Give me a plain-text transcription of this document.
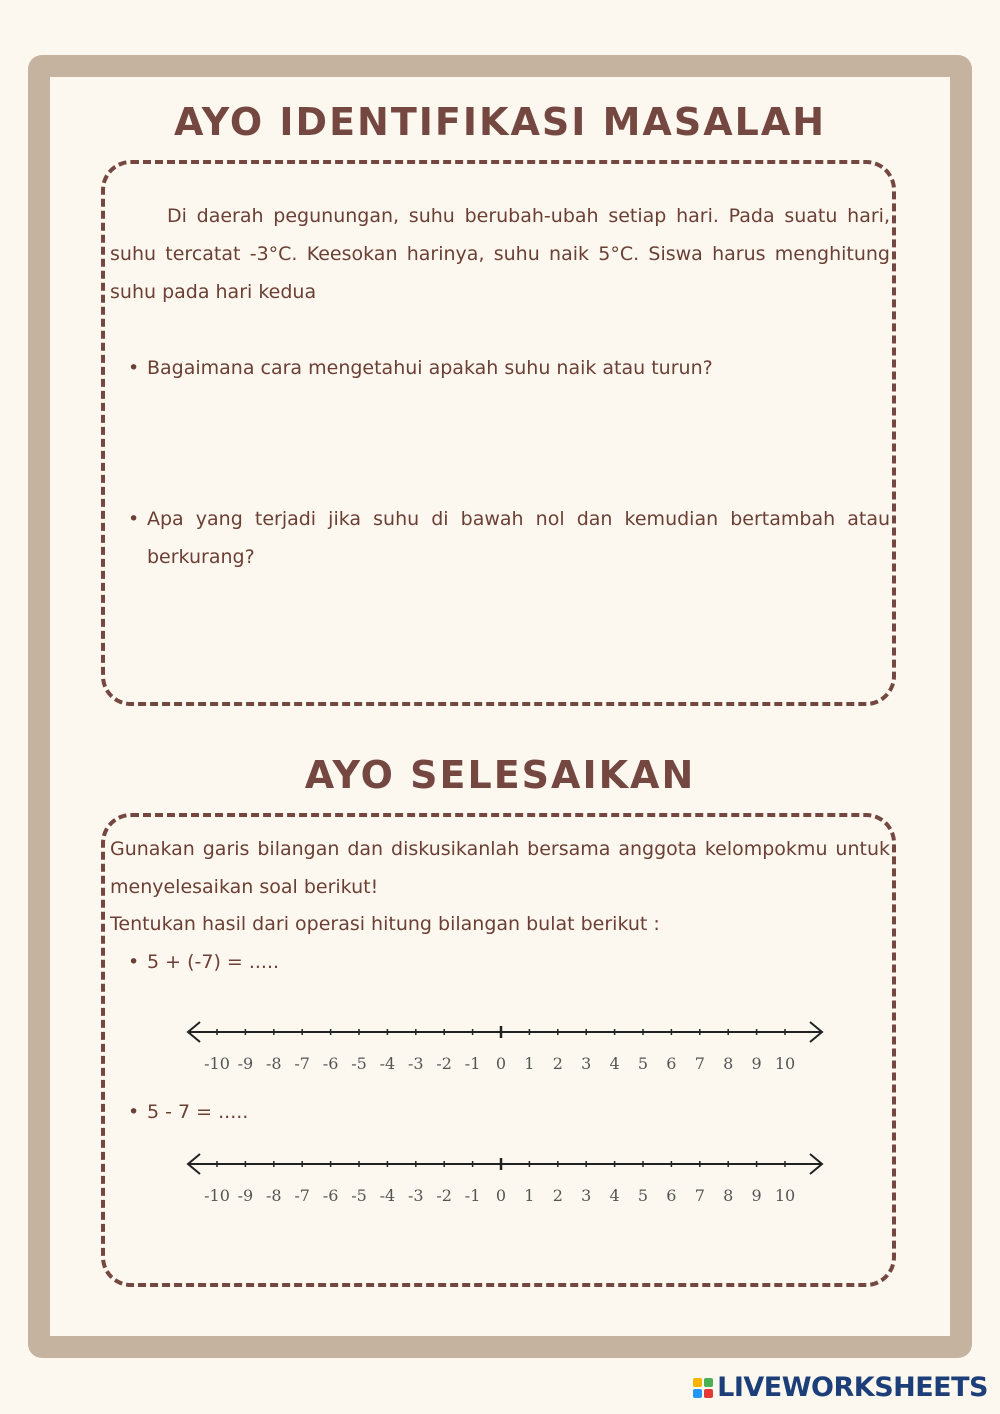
AYO IDENTIFIKASI MASALAH

Di daerah pegunungan, suhu berubah-ubah setiap hari. Pada suatu hari, suhu tercatat -3°C. Keesokan harinya, suhu naik 5°C. Siswa harus menghitung suhu pada hari kedua

• Bagaimana cara mengetahui apakah suhu naik atau turun?

• Apa yang terjadi jika suhu di bawah nol dan kemudian bertambah atau berkurang?

AYO SELESAIKAN

Gunakan garis bilangan dan diskusikanlah bersama anggota kelompokmu untuk menyelesaikan soal berikut!

Tentukan hasil dari operasi hitung bilangan bulat berikut :

• 5 + (-7) = .....

-10 -9 -8 -7 -6 -5 -4 -3 -2 -1 0 1 2 3 4 5 6 7 8 9 10
• 5 - 7 = .....

-10 -9 -8 -7 -6 -5 -4 -3 -2 -1 0 1 2 3 4 5 6 7 8 9 10
LIVEWORKSHEETS
